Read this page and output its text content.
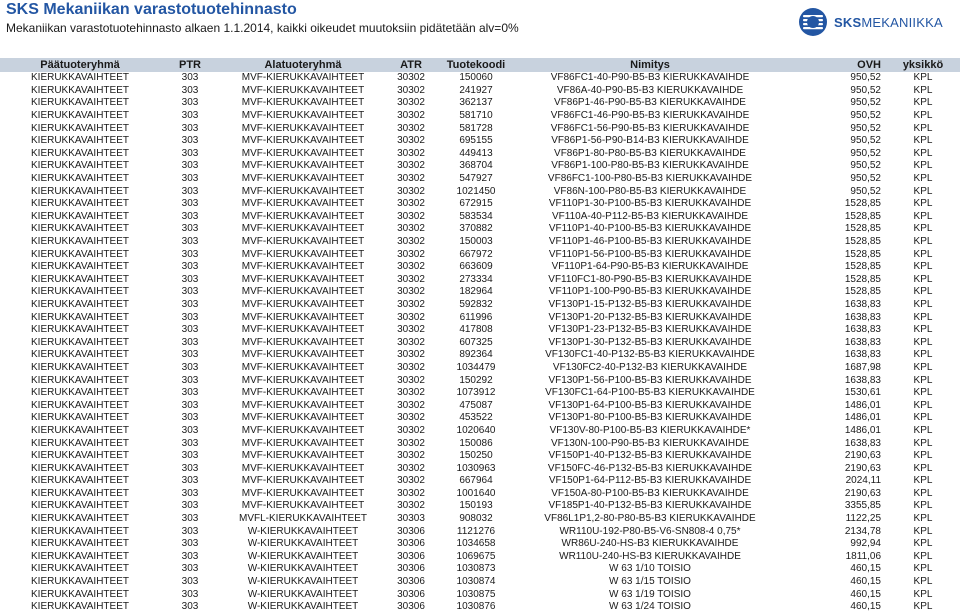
SKS Mekaniikan varastotuotehinnasto
Mekaniikan varastotuotehinnasto alkaen 1.1.2014, kaikki oikeudet muutoksiin pidätetään alv=0%	SKSMEKANIIKKA
Päätuoteryhmä	PTR	Alatuoteryhmä	ATR	Tuotekoodi	Nimitys	OVH	yksikkö
KIERUKKAVAIHTEET	303	MVF-KIERUKKAVAIHTEET	30302	150060	VF86FC1-40-P90-B5-B3 KIERUKKAVAIHDE	950,52	KPL
KIERUKKAVAIHTEET	303	MVF-KIERUKKAVAIHTEET	30302	241927	VF86A-40-P90-B5-B3 KIERUKKAVAIHDE	950,52	KPL
KIERUKKAVAIHTEET	303	MVF-KIERUKKAVAIHTEET	30302	362137	VF86P1-46-P90-B5-B3 KIERUKKAVAIHDE	950,52	KPL
KIERUKKAVAIHTEET	303	MVF-KIERUKKAVAIHTEET	30302	581710	VF86FC1-46-P90-B5-B3 KIERUKKAVAIHDE	950,52	KPL
KIERUKKAVAIHTEET	303	MVF-KIERUKKAVAIHTEET	30302	581728	VF86FC1-56-P90-B5-B3 KIERUKKAVAIHDE	950,52	KPL
KIERUKKAVAIHTEET	303	MVF-KIERUKKAVAIHTEET	30302	695155	VF86P1-56-P90-B14-B3 KIERUKKAVAIHDE	950,52	KPL
KIERUKKAVAIHTEET	303	MVF-KIERUKKAVAIHTEET	30302	449413	VF86P1-80-P80-B5-B3 KIERUKKAVAIHDE	950,52	KPL
KIERUKKAVAIHTEET	303	MVF-KIERUKKAVAIHTEET	30302	368704	VF86P1-100-P80-B5-B3 KIERUKKAVAIHDE	950,52	KPL
KIERUKKAVAIHTEET	303	MVF-KIERUKKAVAIHTEET	30302	547927	VF86FC1-100-P80-B5-B3 KIERUKKAVAIHDE	950,52	KPL
KIERUKKAVAIHTEET	303	MVF-KIERUKKAVAIHTEET	30302	1021450	VF86N-100-P80-B5-B3 KIERUKKAVAIHDE	950,52	KPL
KIERUKKAVAIHTEET	303	MVF-KIERUKKAVAIHTEET	30302	672915	VF110P1-30-P100-B5-B3 KIERUKKAVAIHDE	1528,85	KPL
KIERUKKAVAIHTEET	303	MVF-KIERUKKAVAIHTEET	30302	583534	VF110A-40-P112-B5-B3 KIERUKKAVAIHDE	1528,85	KPL
KIERUKKAVAIHTEET	303	MVF-KIERUKKAVAIHTEET	30302	370882	VF110P1-40-P100-B5-B3 KIERUKKAVAIHDE	1528,85	KPL
KIERUKKAVAIHTEET	303	MVF-KIERUKKAVAIHTEET	30302	150003	VF110P1-46-P100-B5-B3 KIERUKKAVAIHDE	1528,85	KPL
KIERUKKAVAIHTEET	303	MVF-KIERUKKAVAIHTEET	30302	667972	VF110P1-56-P100-B5-B3 KIERUKKAVAIHDE	1528,85	KPL
KIERUKKAVAIHTEET	303	MVF-KIERUKKAVAIHTEET	30302	663609	VF110P1-64-P90-B5-B3 KIERUKKAVAIHDE	1528,85	KPL
KIERUKKAVAIHTEET	303	MVF-KIERUKKAVAIHTEET	30302	273334	VF110FC1-80-P90-B5-B3 KIERUKKAVAIHDE	1528,85	KPL
KIERUKKAVAIHTEET	303	MVF-KIERUKKAVAIHTEET	30302	182964	VF110P1-100-P90-B5-B3 KIERUKKAVAIHDE	1528,85	KPL
KIERUKKAVAIHTEET	303	MVF-KIERUKKAVAIHTEET	30302	592832	VF130P1-15-P132-B5-B3 KIERUKKAVAIHDE	1638,83	KPL
KIERUKKAVAIHTEET	303	MVF-KIERUKKAVAIHTEET	30302	611996	VF130P1-20-P132-B5-B3 KIERUKKAVAIHDE	1638,83	KPL
KIERUKKAVAIHTEET	303	MVF-KIERUKKAVAIHTEET	30302	417808	VF130P1-23-P132-B5-B3 KIERUKKAVAIHDE	1638,83	KPL
KIERUKKAVAIHTEET	303	MVF-KIERUKKAVAIHTEET	30302	607325	VF130P1-30-P132-B5-B3 KIERUKKAVAIHDE	1638,83	KPL
KIERUKKAVAIHTEET	303	MVF-KIERUKKAVAIHTEET	30302	892364	VF130FC1-40-P132-B5-B3 KIERUKKAVAIHDE	1638,83	KPL
KIERUKKAVAIHTEET	303	MVF-KIERUKKAVAIHTEET	30302	1034479	VF130FC2-40-P132-B3 KIERUKKAVAIHDE	1687,98	KPL
KIERUKKAVAIHTEET	303	MVF-KIERUKKAVAIHTEET	30302	150292	VF130P1-56-P100-B5-B3 KIERUKKAVAIHDE	1638,83	KPL
KIERUKKAVAIHTEET	303	MVF-KIERUKKAVAIHTEET	30302	1073912	VF130FC1-64-P100-B5-B3 KIERUKKAVAIHDE	1530,61	KPL
KIERUKKAVAIHTEET	303	MVF-KIERUKKAVAIHTEET	30302	475087	VF130P1-64-P100-B5-B3 KIERUKKAVAIHDE	1486,01	KPL
KIERUKKAVAIHTEET	303	MVF-KIERUKKAVAIHTEET	30302	453522	VF130P1-80-P100-B5-B3 KIERUKKAVAIHDE	1486,01	KPL
KIERUKKAVAIHTEET	303	MVF-KIERUKKAVAIHTEET	30302	1020640	VF130V-80-P100-B5-B3 KIERUKKAVAIHDE*	1486,01	KPL
KIERUKKAVAIHTEET	303	MVF-KIERUKKAVAIHTEET	30302	150086	VF130N-100-P90-B5-B3 KIERUKKAVAIHDE	1638,83	KPL
KIERUKKAVAIHTEET	303	MVF-KIERUKKAVAIHTEET	30302	150250	VF150P1-40-P132-B5-B3 KIERUKKAVAIHDE	2190,63	KPL
KIERUKKAVAIHTEET	303	MVF-KIERUKKAVAIHTEET	30302	1030963	VF150FC-46-P132-B5-B3 KIERUKKAVAIHDE	2190,63	KPL
KIERUKKAVAIHTEET	303	MVF-KIERUKKAVAIHTEET	30302	667964	VF150P1-64-P112-B5-B3 KIERUKKAVAIHDE	2024,11	KPL
KIERUKKAVAIHTEET	303	MVF-KIERUKKAVAIHTEET	30302	1001640	VF150A-80-P100-B5-B3 KIERUKKAVAIHDE	2190,63	KPL
KIERUKKAVAIHTEET	303	MVF-KIERUKKAVAIHTEET	30302	150193	VF185P1-40-P132-B5-B3 KIERUKKAVAIHDE	3355,85	KPL
KIERUKKAVAIHTEET	303	MVFL-KIERUKKAVAIHTEET	30303	908032	VF86L1P1,2-80-P80-B5-B3 KIERUKKAVAIHDE	1122,25	KPL
KIERUKKAVAIHTEET	303	W-KIERUKKAVAIHTEET	30306	1121276	WR110U-192-P80-B5-V6-SN808-4 0,75*	2134,78	KPL
KIERUKKAVAIHTEET	303	W-KIERUKKAVAIHTEET	30306	1034658	WR86U-240-HS-B3 KIERUKKAVAIHDE	992,94	KPL
KIERUKKAVAIHTEET	303	W-KIERUKKAVAIHTEET	30306	1069675	WR110U-240-HS-B3 KIERUKKAVAIHDE	1811,06	KPL
KIERUKKAVAIHTEET	303	W-KIERUKKAVAIHTEET	30306	1030873	W 63 1/10 TOISIO	460,15	KPL
KIERUKKAVAIHTEET	303	W-KIERUKKAVAIHTEET	30306	1030874	W 63 1/15 TOISIO	460,15	KPL
KIERUKKAVAIHTEET	303	W-KIERUKKAVAIHTEET	30306	1030875	W 63 1/19 TOISIO	460,15	KPL
KIERUKKAVAIHTEET	303	W-KIERUKKAVAIHTEET	30306	1030876	W 63 1/24 TOISIO	460,15	KPL
